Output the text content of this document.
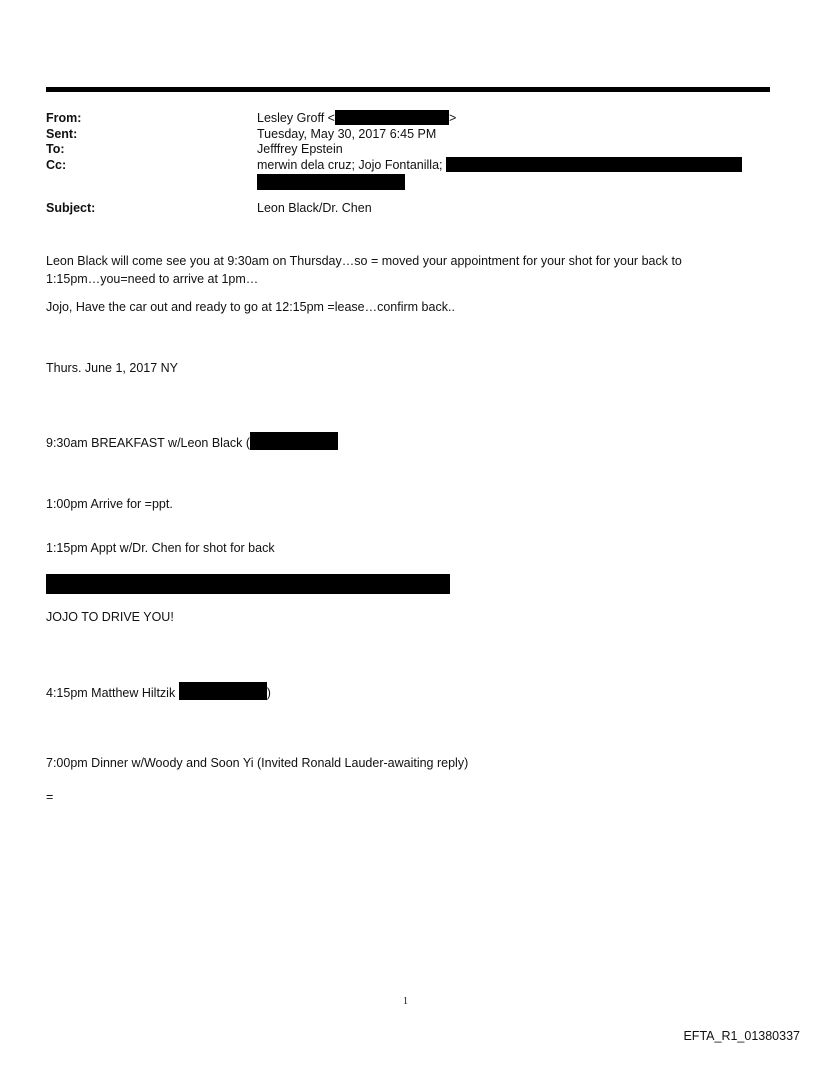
From:	Lesley Groff <	>
Sent:	Tuesday, May 30, 2017 6:45 PM
To:	Jefffrey Epstein
Cc:	merwin dela cruz; Jojo Fontanilla;
Subject:	Leon Black/Dr. Chen
Leon Black will come see you at 9:30am on Thursday…so = moved your appointment for your shot for your back to
1:15pm…you=need to arrive at 1pm…
Jojo, Have the car out and ready to go at 12:15pm =lease…confirm back..
Thurs. June 1, 2017 NY
9:30am BREAKFAST w/Leon Black (
1:00pm Arrive for =ppt.
1:15pm Appt w/Dr. Chen for shot for back
JOJO TO DRIVE YOU!
4:15pm Matthew Hiltzik	)
7:00pm Dinner w/Woody and Soon Yi (Invited Ronald Lauder-awaiting reply)
=
1
EFTA_R1_01380337
